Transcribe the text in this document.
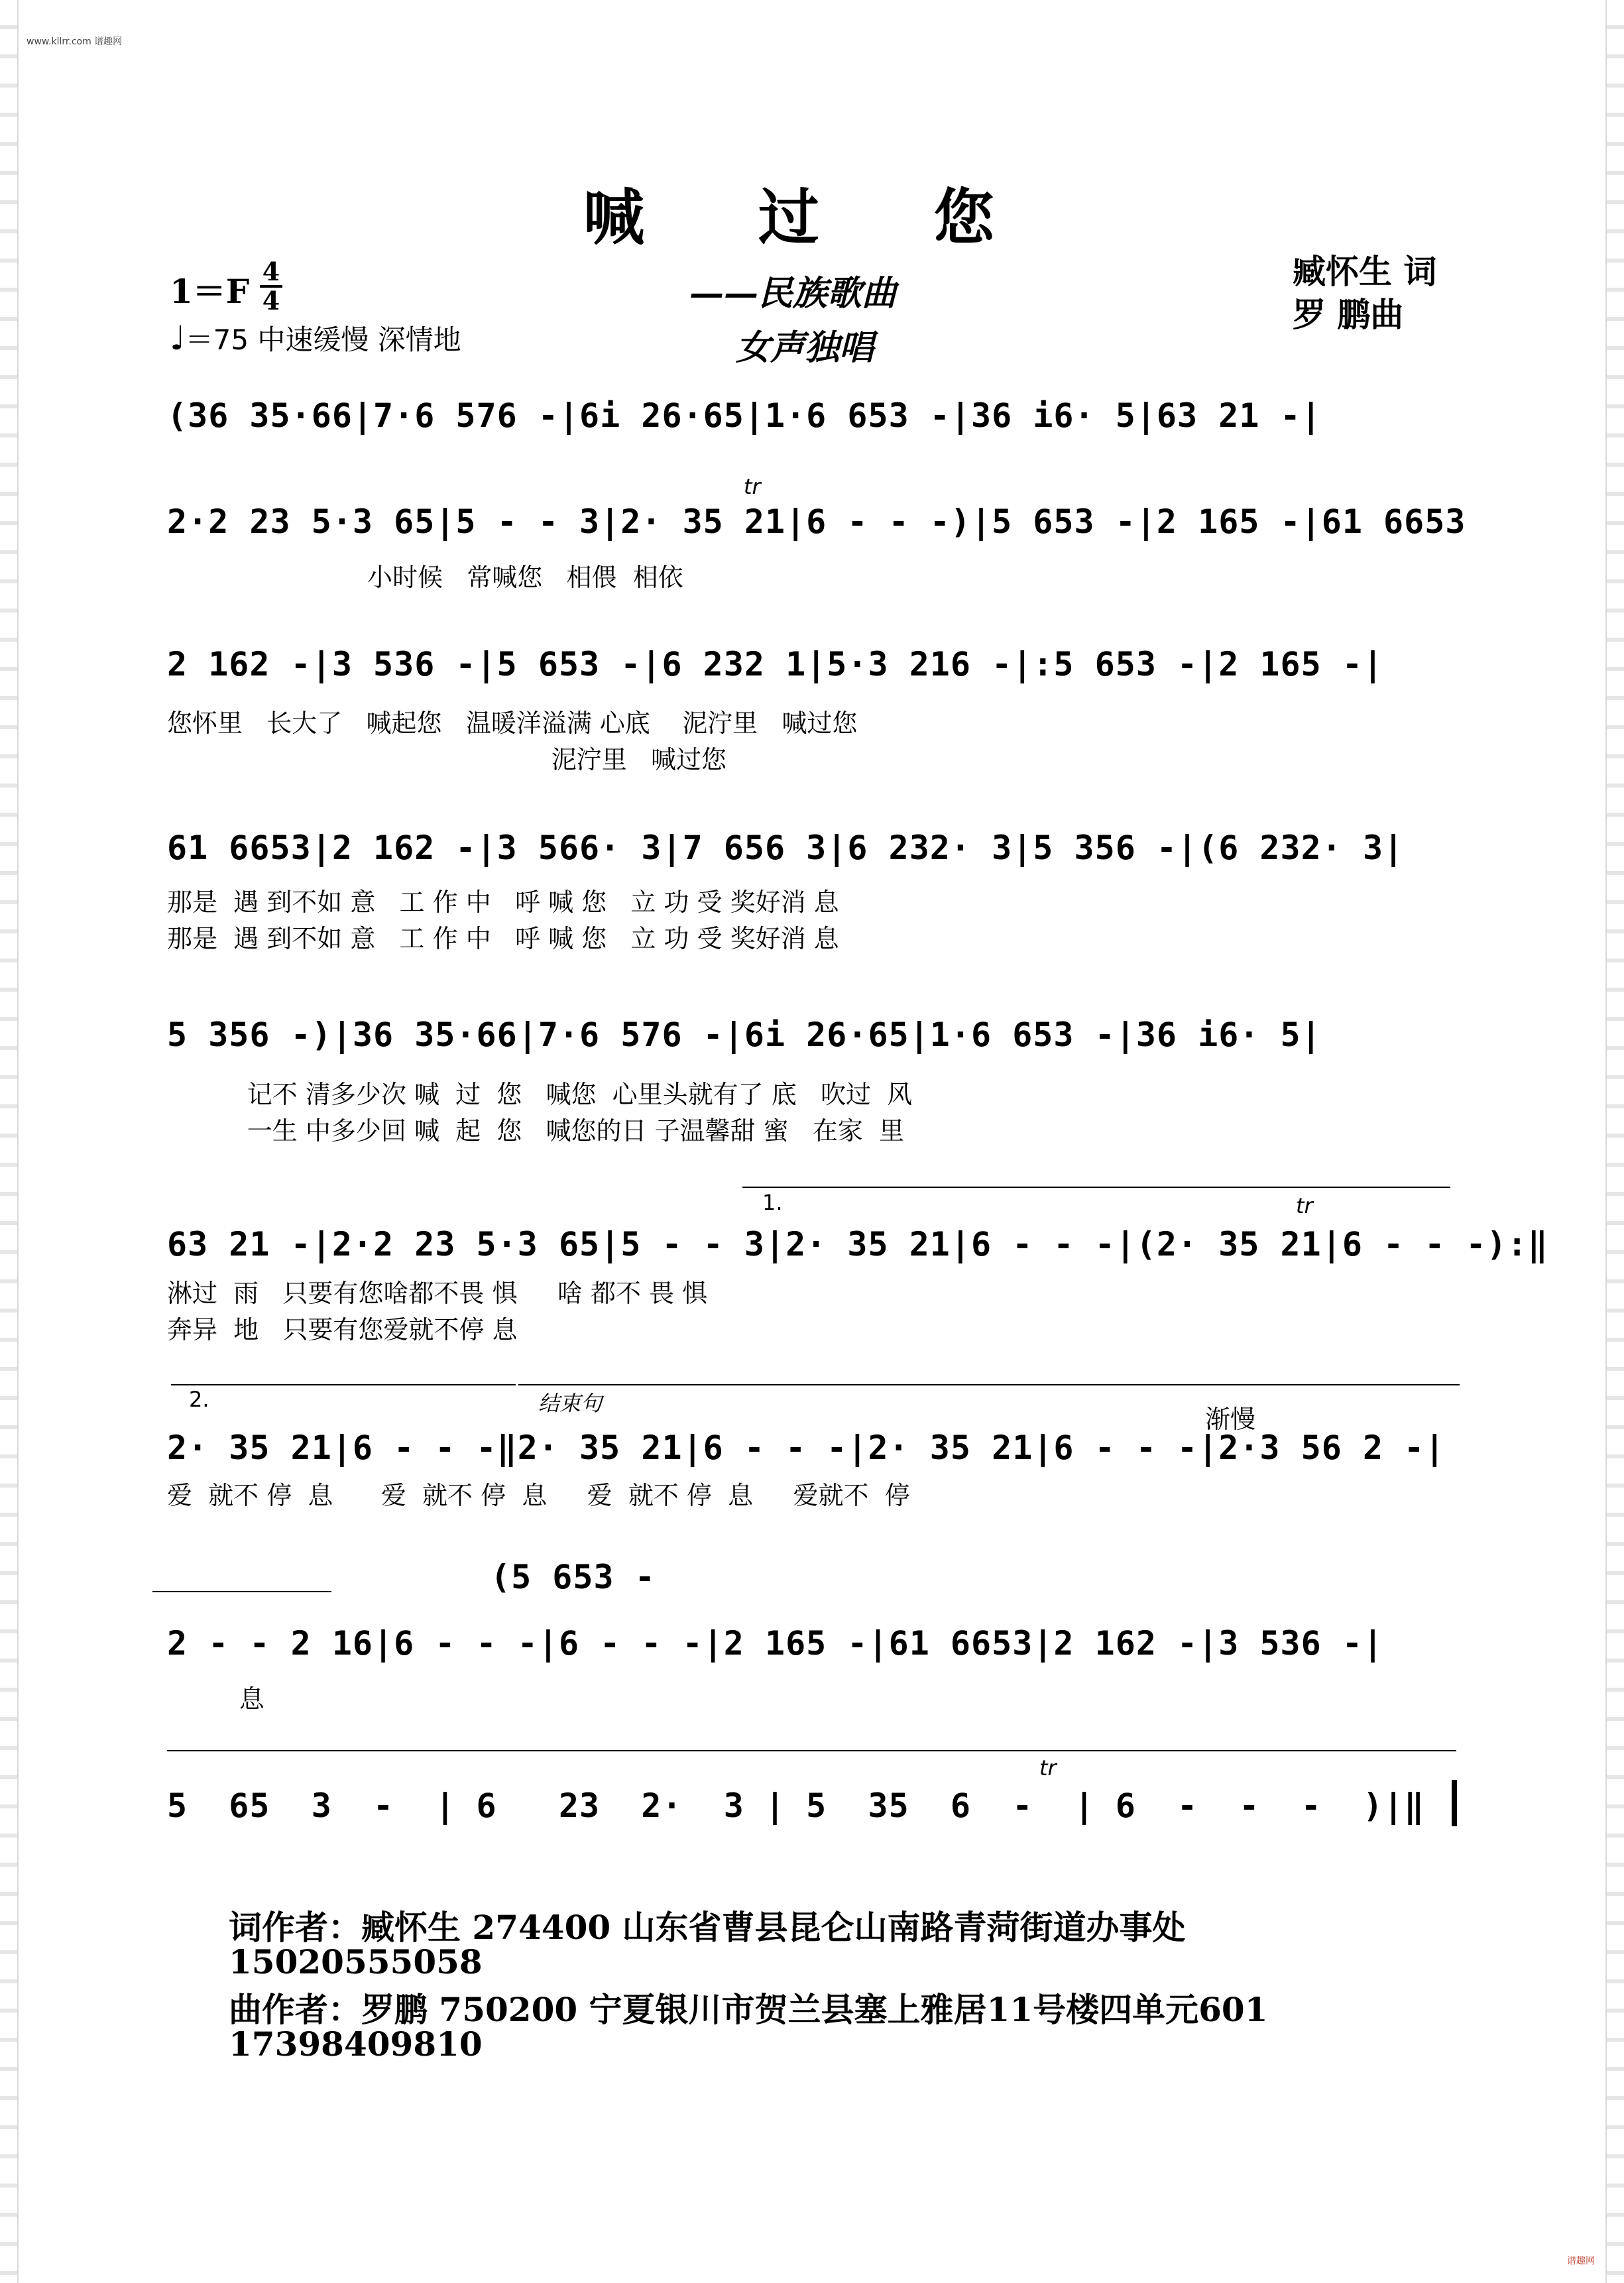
www.kllrr.com 谱趣网
谱趣网
喊 过 您
1＝F
4
4
♩＝75 中速缓慢 深情地
——民族歌曲
女声独唱
臧怀生 词
罗 鹏曲
(36 35·66|7·6 576 -|6i 26·65|1·6 653 -|36 i6· 5|63 21 -|
tr
2·2 23 5·3 65|5 - - 3|2· 35 21|6 - - -)|5 653 -|2 165 -|61 6653
小时候   常喊您   相偎  相依
2 162 -|3 536 -|5 653 -|6 232 1|5·3 216 -|:5 653 -|2 165 -|
您怀里   长大了   喊起您   温暖洋溢满 心底    泥泞里   喊过您
泥泞里   喊过您
61 6653|2 162 -|3 566· 3|7 656 3|6 232· 3|5 356 -|(6 232· 3|
那是  遇 到不如 意   工 作 中   呼 喊 您   立 功 受 奖好消 息
那是  遇 到不如 意   工 作 中   呼 喊 您   立 功 受 奖好消 息
5 356 -)|36 35·66|7·6 576 -|6i 26·65|1·6 653 -|36 i6· 5|
记不 清多少次 喊  过  您   喊您  心里头就有了 底   吹过  风
一生 中多少回 喊  起  您   喊您的日 子温馨甜 蜜   在家  里
1.	tr
63 21 -|2·2 23 5·3 65|5 - - 3|2· 35 21|6 - - -|(2· 35 21|6 - - -):‖
淋过  雨   只要有您啥都不畏 惧     啥 都不 畏 惧
奔异  地   只要有您爱就不停 息
2.	结束句
渐慢
2· 35 21|6 - - -‖2· 35 21|6 - - -|2· 35 21|6 - - -|2·3 56 2 -|
爱  就不 停  息      爱  就不 停  息     爱  就不 停  息     爱就不  停
(5 653 -
2 - - 2 16|6 - - -|6 - - -|2 165 -|61 6653|2 162 -|3 536 -|
息
tr
5  65  3  -  | 6   23  2·  3 | 5  35  6  -  | 6  -  -  -  )|‖
词作者：臧怀生 274400 山东省曹县昆仑山南路青菏街道办事处
15020555058
曲作者：罗鹏 750200 宁夏银川市贺兰县塞上雅居11号楼四单元601
17398409810
